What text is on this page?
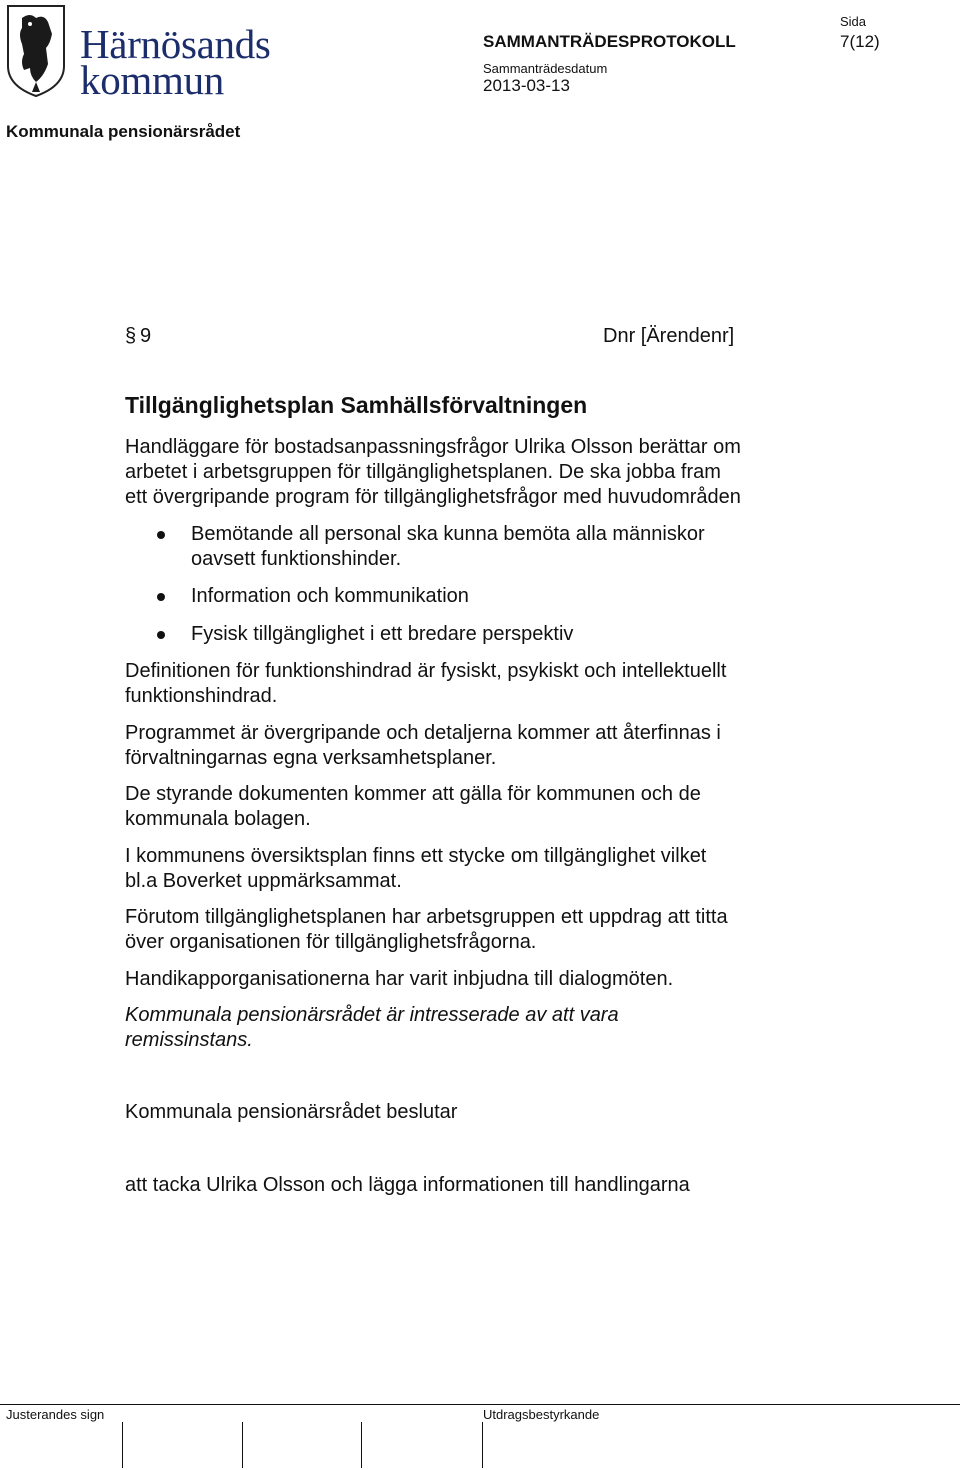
Härnösands
kommun
SAMMANTRÄDESPROTOKOLL
Sida
7(12)
Sammanträdesdatum
2013-03-13
Kommunala pensionärsrådet
§ 9	Dnr [Ärendenr]
Tillgänglighetsplan Samhällsförvaltningen
Handläggare för bostadsanpassningsfrågor Ulrika Olsson berättar om
arbetet i arbetsgruppen för tillgänglighetsplanen. De ska jobba fram
ett övergripande program för tillgänglighetsfrågor med huvudområden
Bemötande all personal ska kunna bemöta alla människor
oavsett funktionshinder.
Information och kommunikation
Fysisk tillgänglighet i ett bredare perspektiv
Definitionen för funktionshindrad är fysiskt, psykiskt och intellektuellt
funktionshindrad.
Programmet är övergripande och detaljerna kommer att återfinnas i
förvaltningarnas egna verksamhetsplaner.
De styrande dokumenten kommer att gälla för kommunen och de
kommunala bolagen.
I kommunens översiktsplan finns ett stycke om tillgänglighet vilket
bl.a Boverket uppmärksammat.
Förutom tillgänglighetsplanen har arbetsgruppen ett uppdrag att titta
över organisationen för tillgänglighetsfrågorna.
Handikapporganisationerna har varit inbjudna till dialogmöten.
Kommunala pensionärsrådet är intresserade av att vara
remissinstans.
Kommunala pensionärsrådet beslutar
att tacka Ulrika Olsson och lägga informationen till handlingarna
Justerandes sign	Utdragsbestyrkande
